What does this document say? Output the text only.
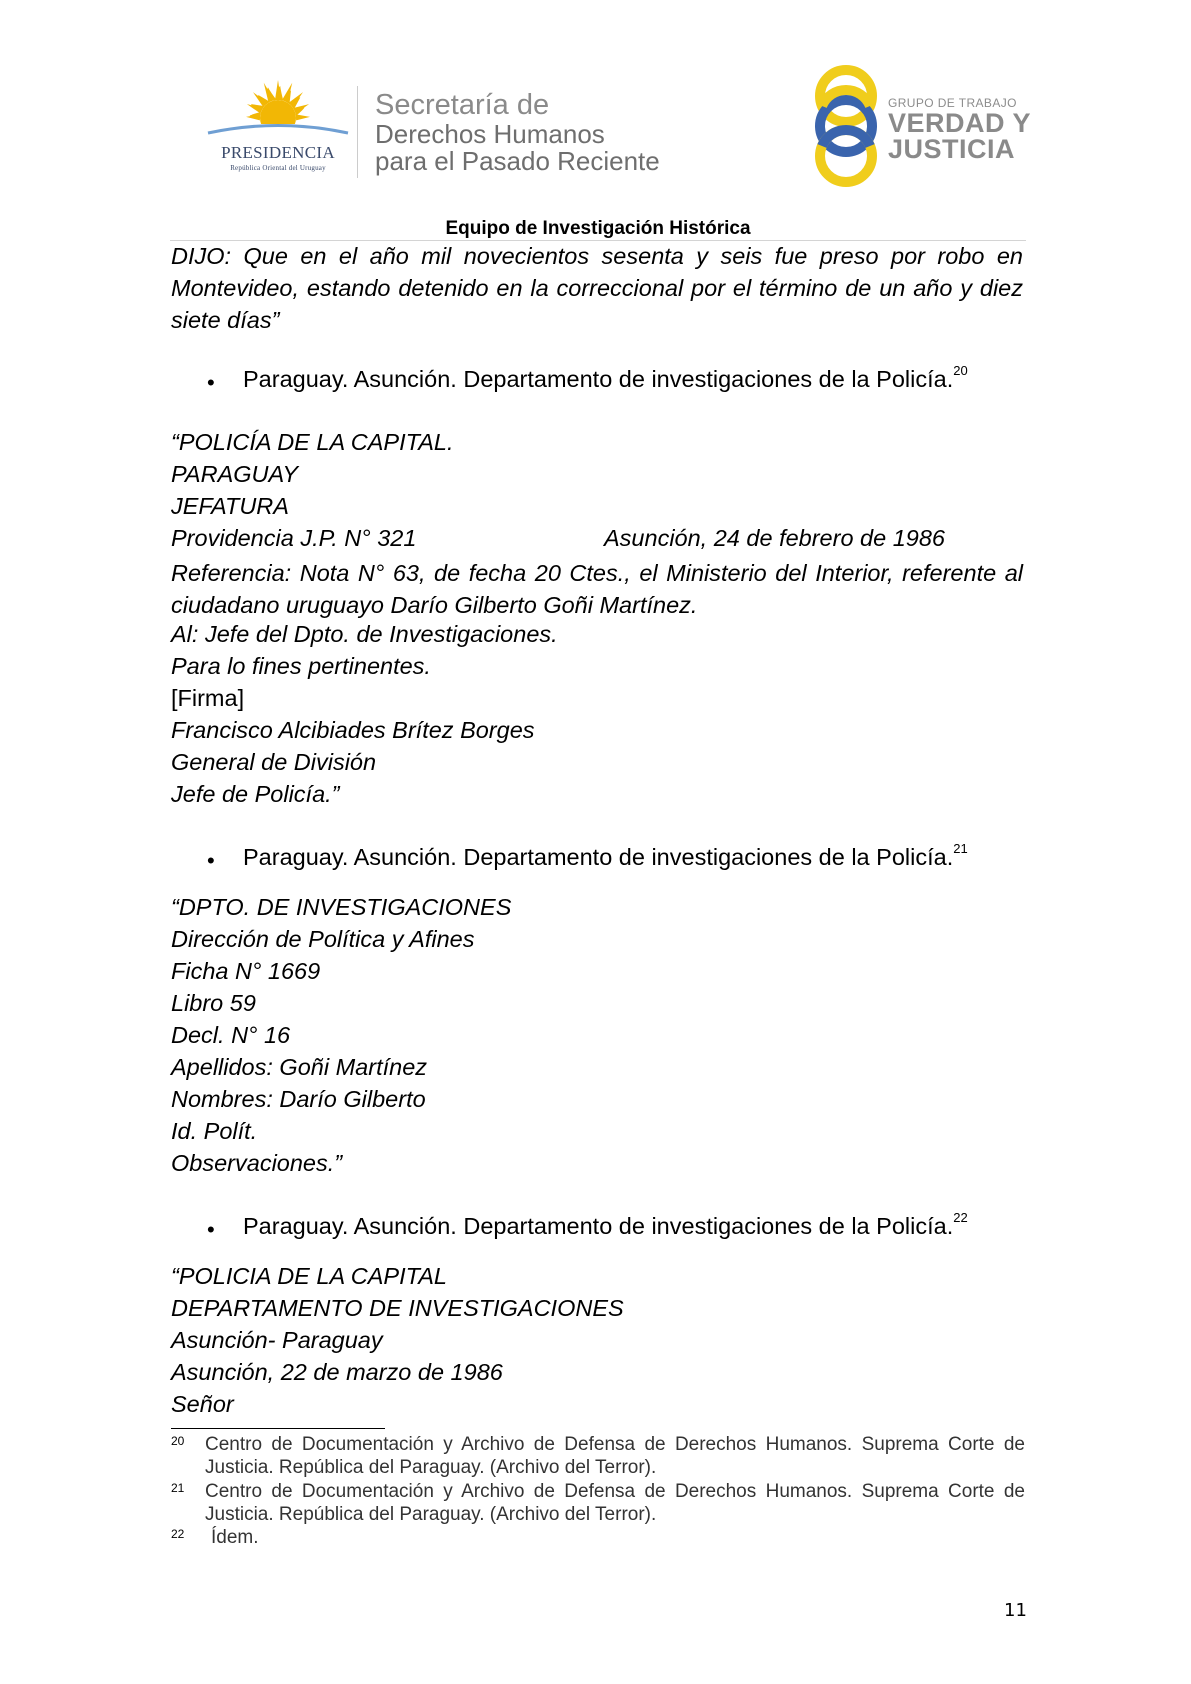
PRESIDENCIA
República Oriental del Uruguay
Secretaría de
Derechos Humanos
para el Pasado Reciente
GRUPO DE TRABAJO
VERDAD Y
JUSTICIA
Equipo de Investigación Histórica
DIJO: Que en el año mil novecientos sesenta y seis fue preso por robo en Montevideo, estando detenido en la correccional por el término de un año y diez siete días”
• Paraguay. Asunción. Departamento de investigaciones de la Policía.$^{20}$
“POLICÍA DE LA CAPITAL.
PARAGUAY
JEFATURA
Providencia J.P. N° 321	Asunción, 24 de febrero de 1986
Referencia: Nota N° 63, de fecha 20 Ctes., el Ministerio del Interior, referente al ciudadano uruguayo Darío Gilberto Goñi Martínez.
Al: Jefe del Dpto. de Investigaciones.
Para lo fines pertinentes.
[Firma]
Francisco Alcibiades Brítez Borges
General de División
Jefe de Policía.”
• Paraguay. Asunción. Departamento de investigaciones de la Policía.$^{21}$
“DPTO. DE INVESTIGACIONES
Dirección de Política y Afines
Ficha N° 1669
Libro 59
Decl. N° 16
Apellidos: Goñi Martínez
Nombres: Darío Gilberto
Id. Polít.
Observaciones.”
• Paraguay. Asunción. Departamento de investigaciones de la Policía.$^{22}$
“POLICIA DE LA CAPITAL
DEPARTAMENTO DE INVESTIGACIONES
Asunción- Paraguay
Asunción, 22 de marzo de 1986
Señor
20 Centro de Documentación y Archivo de Defensa de Derechos Humanos. Suprema Corte de Justicia. República del Paraguay. (Archivo del Terror).
21 Centro de Documentación y Archivo de Defensa de Derechos Humanos. Suprema Corte de Justicia. República del Paraguay. (Archivo del Terror).
22 Ídem.
11
